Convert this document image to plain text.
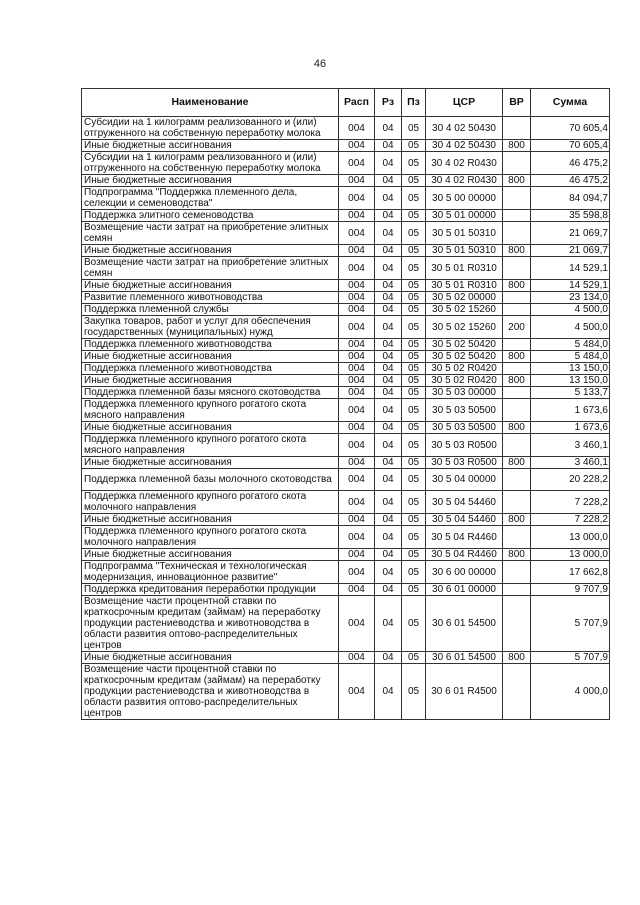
46
Наименование	Расп	Рз	Пз	ЦСР	ВР	Сумма
Субсидии на 1 килограмм реализованного и (или) отгруженного на собственную переработку молока	004	04	05	30 4 02 50430		70 605,4
Иные бюджетные ассигнования	004	04	05	30 4 02 50430	800	70 605,4
Субсидии на 1 килограмм реализованного и (или) отгруженного на собственную переработку молока	004	04	05	30 4 02 R0430		46 475,2
Иные бюджетные ассигнования	004	04	05	30 4 02 R0430	800	46 475,2
Подпрограмма "Поддержка племенного дела, селекции и семеноводства"	004	04	05	30 5 00 00000		84 094,7
Поддержка элитного семеноводства	004	04	05	30 5 01 00000		35 598,8
Возмещение части затрат на приобретение элитных семян	004	04	05	30 5 01 50310		21 069,7
Иные бюджетные ассигнования	004	04	05	30 5 01 50310	800	21 069,7
Возмещение части затрат на приобретение элитных семян	004	04	05	30 5 01 R0310		14 529,1
Иные бюджетные ассигнования	004	04	05	30 5 01 R0310	800	14 529,1
Развитие племенного животноводства	004	04	05	30 5 02 00000		23 134,0
Поддержка племенной службы	004	04	05	30 5 02 15260		4 500,0
Закупка товаров, работ и услуг для обеспечения государственных (муниципальных) нужд	004	04	05	30 5 02 15260	200	4 500,0
Поддержка племенного животноводства	004	04	05	30 5 02 50420		5 484,0
Иные бюджетные ассигнования	004	04	05	30 5 02 50420	800	5 484,0
Поддержка племенного животноводства	004	04	05	30 5 02 R0420		13 150,0
Иные бюджетные ассигнования	004	04	05	30 5 02 R0420	800	13 150,0
Поддержка племенной базы мясного скотоводства	004	04	05	30 5 03 00000		5 133,7
Поддержка племенного крупного рогатого скота мясного направления	004	04	05	30 5 03 50500		1 673,6
Иные бюджетные ассигнования	004	04	05	30 5 03 50500	800	1 673,6
Поддержка племенного крупного рогатого скота мясного направления	004	04	05	30 5 03 R0500		3 460,1
Иные бюджетные ассигнования	004	04	05	30 5 03 R0500	800	3 460,1
Поддержка племенной базы молочного скотоводства	004	04	05	30 5 04 00000		20 228,2
Поддержка племенного крупного рогатого скота молочного направления	004	04	05	30 5 04 54460		7 228,2
Иные бюджетные ассигнования	004	04	05	30 5 04 54460	800	7 228,2
Поддержка племенного крупного рогатого скота молочного направления	004	04	05	30 5 04 R4460		13 000,0
Иные бюджетные ассигнования	004	04	05	30 5 04 R4460	800	13 000,0
Подпрограмма "Техническая и технологическая модернизация, инновационное развитие"	004	04	05	30 6 00 00000		17 662,8
Поддержка кредитования переработки продукции	004	04	05	30 6 01 00000		9 707,9
Возмещение части процентной ставки по краткосрочным кредитам (займам) на переработку продукции растениеводства и животноводства в области развития оптово-распределительных центров	004	04	05	30 6 01 54500		5 707,9
Иные бюджетные ассигнования	004	04	05	30 6 01 54500	800	5 707,9
Возмещение части процентной ставки по краткосрочным кредитам (займам) на переработку продукции растениеводства и животноводства в области развития оптово-распределительных центров	004	04	05	30 6 01 R4500		4 000,0
